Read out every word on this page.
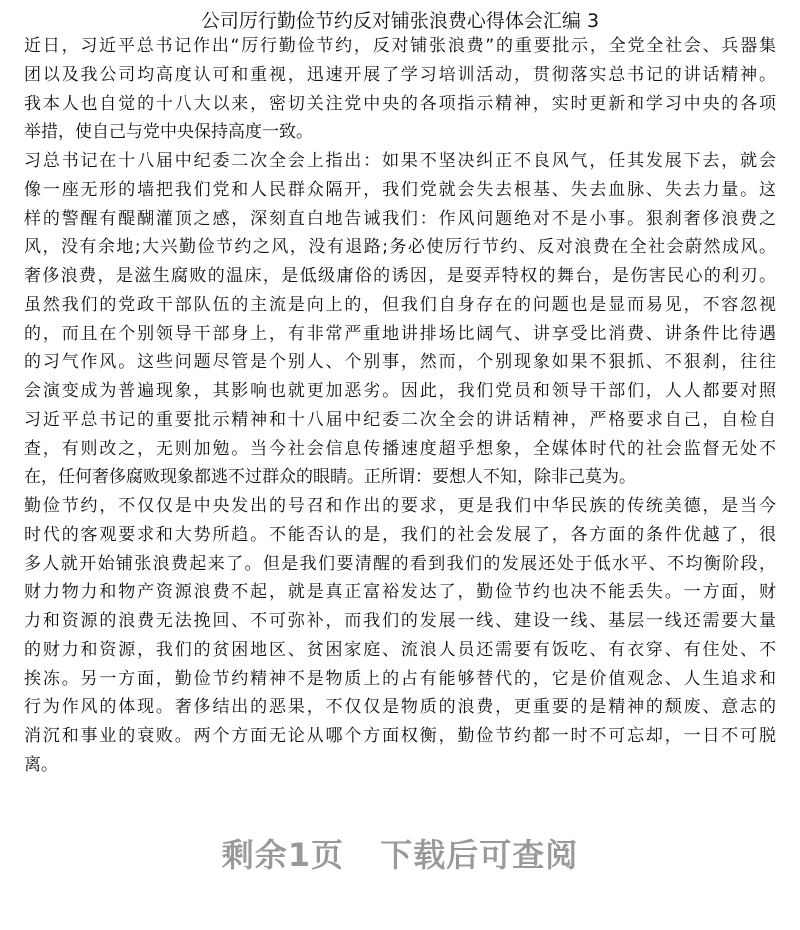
公司厉行勤俭节约反对铺张浪费心得体会汇编 3
近日，习近平总书记作出“厉行勤俭节约，反对铺张浪费”的重要批示，全党全社会、兵器集
团以及我公司均高度认可和重视，迅速开展了学习培训活动，贯彻落实总书记的讲话精神。
我本人也自觉的十八大以来，密切关注党中央的各项指示精神，实时更新和学习中央的各项
举措，使自己与党中央保持高度一致。
习总书记在十八届中纪委二次全会上指出：如果不坚决纠正不良风气，任其发展下去，就会
像一座无形的墙把我们党和人民群众隔开，我们党就会失去根基、失去血脉、失去力量。这
样的警醒有醍醐灌顶之感，深刻直白地告诫我们：作风问题绝对不是小事。狠刹奢侈浪费之
风，没有余地;大兴勤俭节约之风，没有退路;务必使厉行节约、反对浪费在全社会蔚然成风。
奢侈浪费，是滋生腐败的温床，是低级庸俗的诱因，是耍弄特权的舞台，是伤害民心的利刃。
虽然我们的党政干部队伍的主流是向上的，但我们自身存在的问题也是显而易见，不容忽视
的，而且在个别领导干部身上，有非常严重地讲排场比阔气、讲享受比消费、讲条件比待遇
的习气作风。这些问题尽管是个别人、个别事，然而，个别现象如果不狠抓、不狠刹，往往
会演变成为普遍现象，其影响也就更加恶劣。因此，我们党员和领导干部们，人人都要对照
习近平总书记的重要批示精神和十八届中纪委二次全会的讲话精神，严格要求自己，自检自
查，有则改之，无则加勉。当今社会信息传播速度超乎想象，全媒体时代的社会监督无处不
在，任何奢侈腐败现象都逃不过群众的眼睛。正所谓：要想人不知，除非己莫为。
勤俭节约，不仅仅是中央发出的号召和作出的要求，更是我们中华民族的传统美德，是当今
时代的客观要求和大势所趋。不能否认的是，我们的社会发展了，各方面的条件优越了，很
多人就开始铺张浪费起来了。但是我们要清醒的看到我们的发展还处于低水平、不均衡阶段，
财力物力和物产资源浪费不起，就是真正富裕发达了，勤俭节约也决不能丢失。一方面，财
力和资源的浪费无法挽回、不可弥补，而我们的发展一线、建设一线、基层一线还需要大量
的财力和资源，我们的贫困地区、贫困家庭、流浪人员还需要有饭吃、有衣穿、有住处、不
挨冻。另一方面，勤俭节约精神不是物质上的占有能够替代的，它是价值观念、人生追求和
行为作风的体现。奢侈结出的恶果，不仅仅是物质的浪费，更重要的是精神的颓废、意志的
消沉和事业的衰败。两个方面无论从哪个方面权衡，勤俭节约都一时不可忘却，一日不可脱
离。
剩余1页 下载后可查阅
